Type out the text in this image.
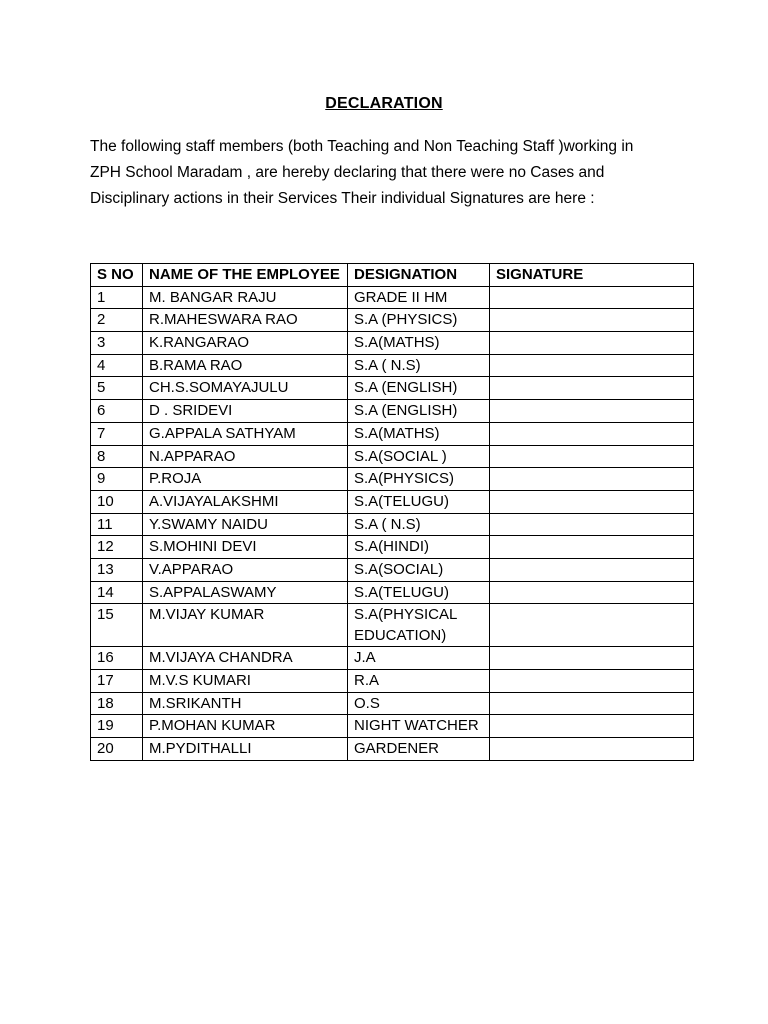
DECLARATION

The following staff members (both Teaching and Non Teaching Staff )working in
ZPH School Maradam , are hereby declaring that there were no Cases and
Disciplinary actions in their Services Their individual Signatures are here :

S NO	NAME OF THE EMPLOYEE	DESIGNATION	SIGNATURE
1	M. BANGAR RAJU	GRADE II HM	
2	R.MAHESWARA RAO	S.A (PHYSICS)	
3	K.RANGARAO	S.A(MATHS)	
4	B.RAMA RAO	S.A ( N.S)	
5	CH.S.SOMAYAJULU	S.A (ENGLISH)	
6	D . SRIDEVI	S.A (ENGLISH)	
7	G.APPALA SATHYAM	S.A(MATHS)	
8	N.APPARAO	S.A(SOCIAL )	
9	P.ROJA	S.A(PHYSICS)	
10	A.VIJAYALAKSHMI	S.A(TELUGU)	
11	Y.SWAMY NAIDU	S.A ( N.S)	
12	S.MOHINI DEVI	S.A(HINDI)	
13	V.APPARAO	S.A(SOCIAL)	
14	S.APPALASWAMY	S.A(TELUGU)	
15	M.VIJAY KUMAR	S.A(PHYSICAL EDUCATION)	
16	M.VIJAYA CHANDRA	J.A	
17	M.V.S KUMARI	R.A	
18	M.SRIKANTH	O.S	
19	P.MOHAN KUMAR	NIGHT WATCHER	
20	M.PYDITHALLI	GARDENER	
